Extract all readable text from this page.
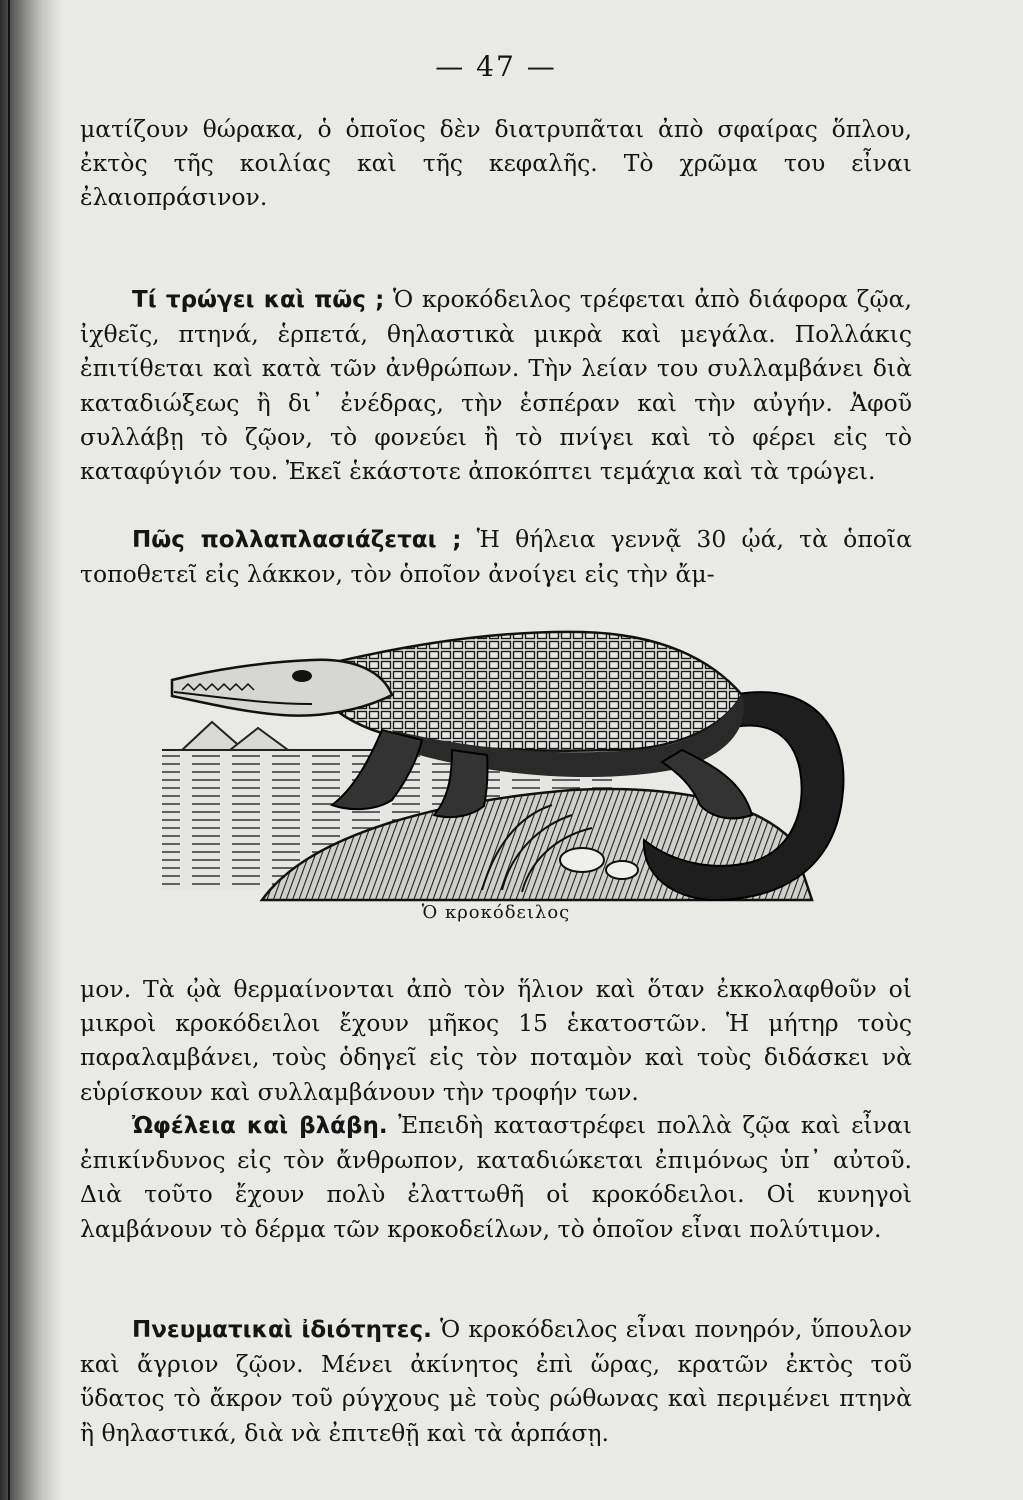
— 47 —

ματίζουν θώρακα, ὁ ὁποῖος δὲν διατρυπᾶται ἀπὸ σφαίρας ὅπλου, ἐκτὸς τῆς κοιλίας καὶ τῆς κεφαλῆς. Τὸ χρῶμα του εἶναι ἐλαιοπράσινον.

Τί τρώγει καὶ πῶς ; Ὁ κροκόδειλος τρέφεται ἀπὸ διάφορα ζῷα, ἰχθεῖς, πτηνά, ἑρπετά, θηλαστικὰ μικρὰ καὶ μεγάλα. Πολλάκις ἐπιτίθεται καὶ κατὰ τῶν ἀνθρώπων. Τὴν λείαν του συλλαμβάνει διὰ καταδιώξεως ἢ δι᾿ ἐνέδρας, τὴν ἑσπέραν καὶ τὴν αὐγήν. Ἀφοῦ συλλάβῃ τὸ ζῷον, τὸ φονεύει ἢ τὸ πνίγει καὶ τὸ φέρει εἰς τὸ καταφύγιόν του. Ἐκεῖ ἑκάστοτε ἀποκόπτει τεμάχια καὶ τὰ τρώγει.

Πῶς πολλαπλασιάζεται ; Ἡ θήλεια γεννᾷ 30 ᾠά, τὰ ὁποῖα τοποθετεῖ εἰς λάκκον, τὸν ὁποῖον ἀνοίγει εἰς τὴν ἄμ-

Ὁ κροκόδειλος

μον. Τὰ ᾠὰ θερμαίνονται ἀπὸ τὸν ἥλιον καὶ ὅταν ἐκκολαφθοῦν οἱ μικροὶ κροκόδειλοι ἔχουν μῆκος 15 ἑκατοστῶν. Ἡ μήτηρ τοὺς παραλαμβάνει, τοὺς ὁδηγεῖ εἰς τὸν ποταμὸν καὶ τοὺς διδάσκει νὰ εὑρίσκουν καὶ συλλαμβάνουν τὴν τροφήν των.

Ὠφέλεια καὶ βλάβη. Ἐπειδὴ καταστρέφει πολλὰ ζῷα καὶ εἶναι ἐπικίνδυνος εἰς τὸν ἄνθρωπον, καταδιώκεται ἐπιμόνως ὑπ᾿ αὐτοῦ. Διὰ τοῦτο ἔχουν πολὺ ἐλαττωθῆ οἱ κροκόδειλοι. Οἱ κυνηγοὶ λαμβάνουν τὸ δέρμα τῶν κροκοδείλων, τὸ ὁποῖον εἶναι πολύτιμον.

Πνευματικαὶ ἰδιότητες. Ὁ κροκόδειλος εἶναι πονηρόν, ὕπουλον καὶ ἄγριον ζῷον. Μένει ἀκίνητος ἐπὶ ὥρας, κρατῶν ἐκτὸς τοῦ ὕδατος τὸ ἄκρον τοῦ ρύγχους μὲ τοὺς ρώθωνας καὶ περιμένει πτηνὰ ἢ θηλαστικά, διὰ νὰ ἐπιτεθῇ καὶ τὰ ἁρπάσῃ.
